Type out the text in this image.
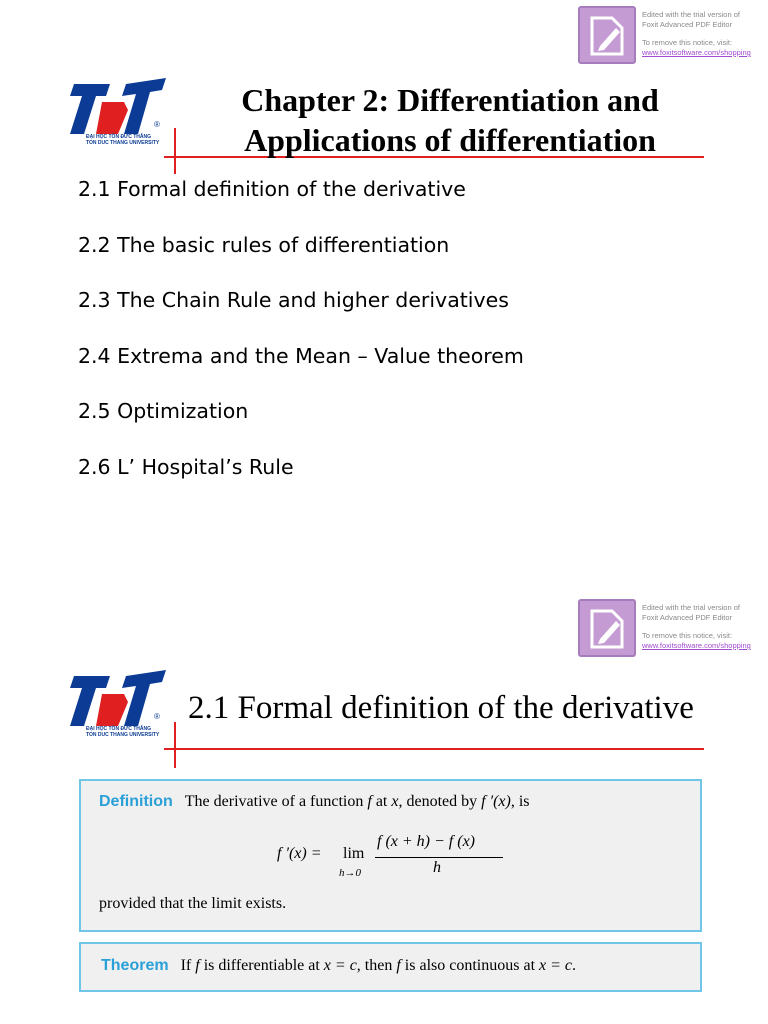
Edited with the trial version of
Foxit Advanced PDF Editor
To remove this notice, visit:
www.foxitsoftware.com/shopping
®
ĐẠI HỌC TÔN ĐỨC THẮNG
TON DUC THANG UNIVERSITY
Chapter 2: Differentiation and
Applications of differentiation
2.1 Formal definition of the derivative
2.2 The basic rules of differentiation
2.3 The Chain Rule and higher derivatives
2.4 Extrema and the Mean – Value theorem
2.5 Optimization
2.6 L’ Hospital’s Rule
Edited with the trial version of
Foxit Advanced PDF Editor
To remove this notice, visit:
www.foxitsoftware.com/shopping
®
ĐẠI HỌC TÔN ĐỨC THẮNG
TON DUC THANG UNIVERSITY
2.1 Formal definition of the derivative
Definition The derivative of a function f at x, denoted by f ′(x), is
f ′(x) = lim
h→0
f (x + h) − f (x)
h
provided that the limit exists.
Theorem If f is differentiable at x = c, then f is also continuous at x = c.
